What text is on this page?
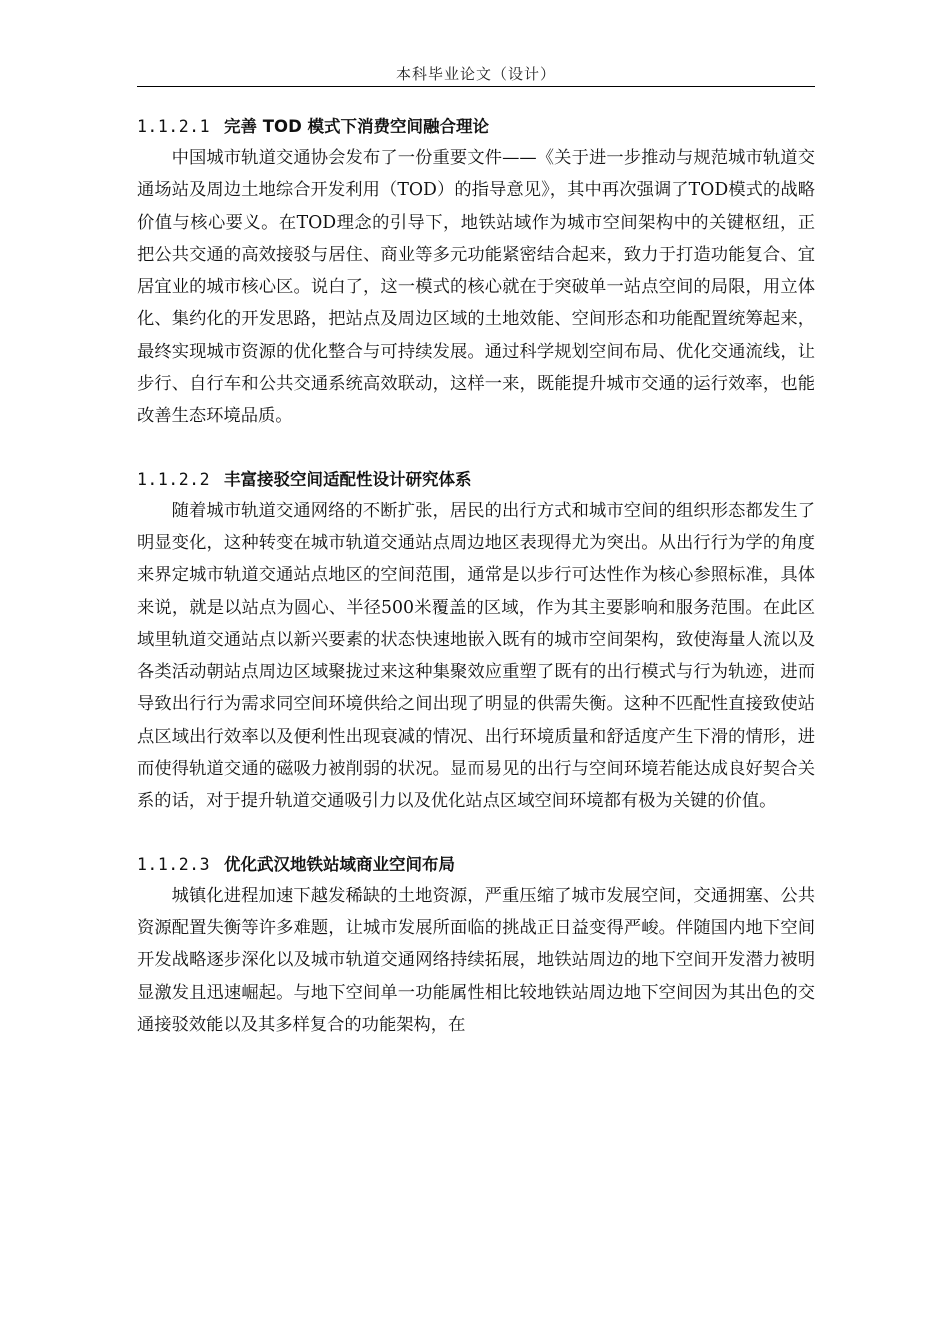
本科毕业论文（设计）
1.1.2.1 完善 TOD 模式下消费空间融合理论

中国城市轨道交通协会发布了一份重要文件——《关于进一步推动与规范城市轨道交通场站及周边土地综合开发利用（TOD）的指导意见》，其中再次强调了TOD模式的战略价值与核心要义。在TOD理念的引导下，地铁站域作为城市空间架构中的关键枢纽，正把公共交通的高效接驳与居住、商业等多元功能紧密结合起来，致力于打造功能复合、宜居宜业的城市核心区。说白了，这一模式的核心就在于突破单一站点空间的局限，用立体化、集约化的开发思路，把站点及周边区域的土地效能、空间形态和功能配置统筹起来，最终实现城市资源的优化整合与可持续发展。通过科学规划空间布局、优化交通流线，让步行、自行车和公共交通系统高效联动，这样一来，既能提升城市交通的运行效率，也能改善生态环境品质。

1.1.2.2 丰富接驳空间适配性设计研究体系

随着城市轨道交通网络的不断扩张，居民的出行方式和城市空间的组织形态都发生了明显变化，这种转变在城市轨道交通站点周边地区表现得尤为突出。从出行行为学的角度来界定城市轨道交通站点地区的空间范围，通常是以步行可达性作为核心参照标准，具体来说，就是以站点为圆心、半径500米覆盖的区域，作为其主要影响和服务范围。在此区域里轨道交通站点以新兴要素的状态快速地嵌入既有的城市空间架构，致使海量人流以及各类活动朝站点周边区域聚拢过来这种集聚效应重塑了既有的出行模式与行为轨迹，进而导致出行行为需求同空间环境供给之间出现了明显的供需失衡。这种不匹配性直接致使站点区域出行效率以及便利性出现衰减的情况、出行环境质量和舒适度产生下滑的情形，进而使得轨道交通的磁吸力被削弱的状况。显而易见的出行与空间环境若能达成良好契合关系的话，对于提升轨道交通吸引力以及优化站点区域空间环境都有极为关键的价值。

1.1.2.3 优化武汉地铁站域商业空间布局

城镇化进程加速下越发稀缺的土地资源，严重压缩了城市发展空间，交通拥塞、公共资源配置失衡等许多难题，让城市发展所面临的挑战正日益变得严峻。伴随国内地下空间开发战略逐步深化以及城市轨道交通网络持续拓展，地铁站周边的地下空间开发潜力被明显激发且迅速崛起。与地下空间单一功能属性相比较地铁站周边地下空间因为其出色的交通接驳效能以及其多样复合的功能架构，在
